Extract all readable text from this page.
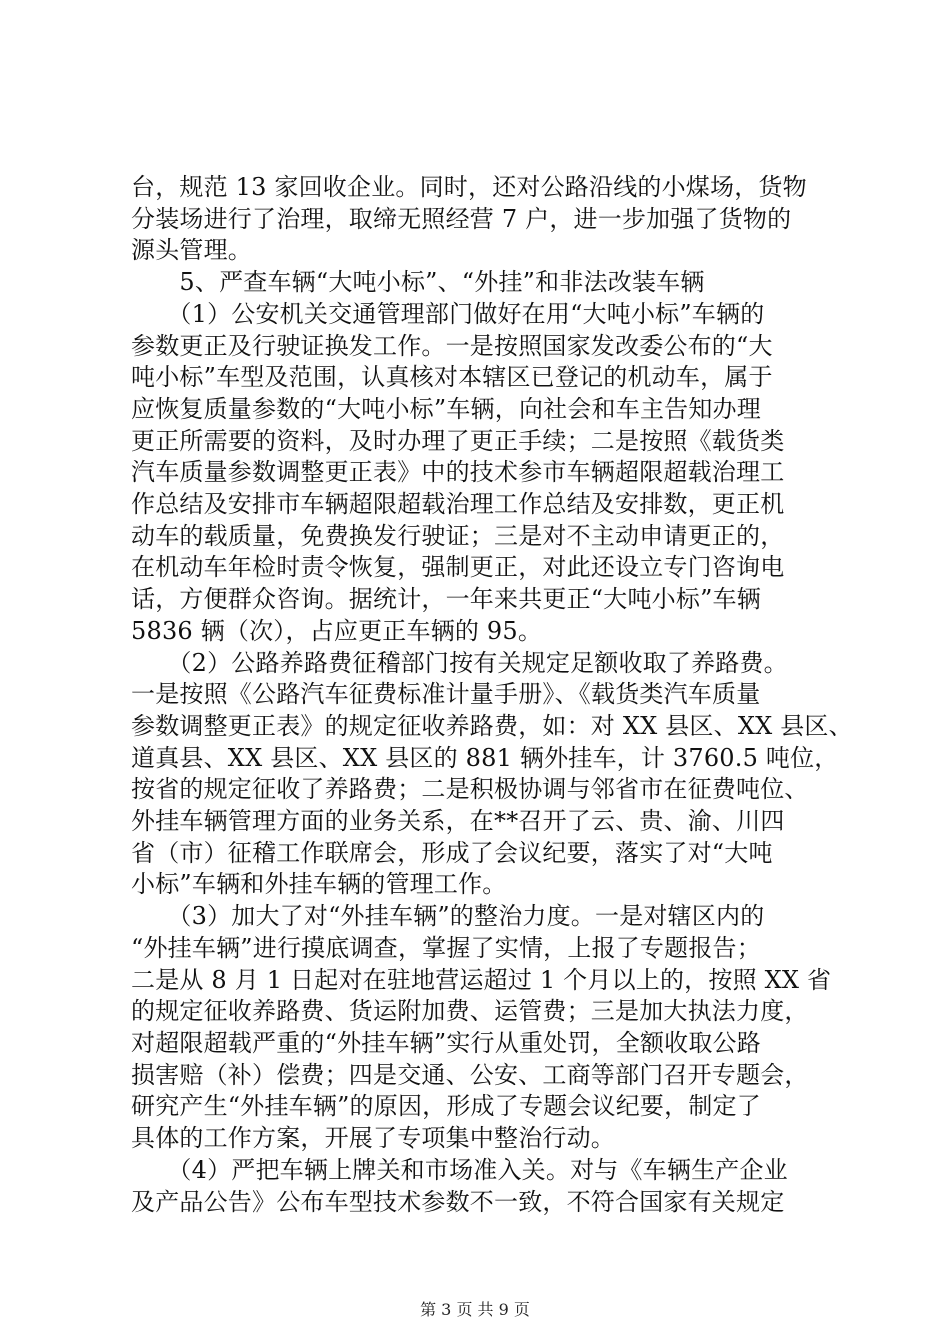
台，规范 13 家回收企业。同时，还对公路沿线的小煤场，货物
分装场进行了治理，取缔无照经营 7 户，进一步加强了货物的
源头管理。
　　5、严查车辆“大吨小标”、“外挂”和非法改装车辆
　　（1）公安机关交通管理部门做好在用“大吨小标”车辆的
参数更正及行驶证换发工作。一是按照国家发改委公布的“大
吨小标”车型及范围，认真核对本辖区已登记的机动车，属于
应恢复质量参数的“大吨小标”车辆，向社会和车主告知办理
更正所需要的资料，及时办理了更正手续；二是按照《载货类
汽车质量参数调整更正表》中的技术参市车辆超限超载治理工
作总结及安排市车辆超限超载治理工作总结及安排数，更正机
动车的载质量，免费换发行驶证；三是对不主动申请更正的，
在机动车年检时责令恢复，强制更正，对此还设立专门咨询电
话，方便群众咨询。据统计，一年来共更正“大吨小标”车辆
5836 辆（次），占应更正车辆的 95。
　　（2）公路养路费征稽部门按有关规定足额收取了养路费。
一是按照《公路汽车征费标准计量手册》、《载货类汽车质量
参数调整更正表》的规定征收养路费，如：对 XX 县区、XX 县区、
道真县、XX 县区、XX 县区的 881 辆外挂车，计 3760.5 吨位，
按省的规定征收了养路费；二是积极协调与邻省市在征费吨位、
外挂车辆管理方面的业务关系，在**召开了云、贵、渝、川四
省（市）征稽工作联席会，形成了会议纪要，落实了对“大吨
小标”车辆和外挂车辆的管理工作。
　　（3）加大了对“外挂车辆”的整治力度。一是对辖区内的
“外挂车辆”进行摸底调查，掌握了实情，上报了专题报告；
二是从 8 月 1 日起对在驻地营运超过 1 个月以上的，按照 XX 省
的规定征收养路费、货运附加费、运管费；三是加大执法力度，
对超限超载严重的“外挂车辆”实行从重处罚，全额收取公路
损害赔（补）偿费；四是交通、公安、工商等部门召开专题会，
研究产生“外挂车辆”的原因，形成了专题会议纪要，制定了
具体的工作方案，开展了专项集中整治行动。
　　（4）严把车辆上牌关和市场准入关。对与《车辆生产企业
及产品公告》公布车型技术参数不一致，不符合国家有关规定
第 3 页 共 9 页
